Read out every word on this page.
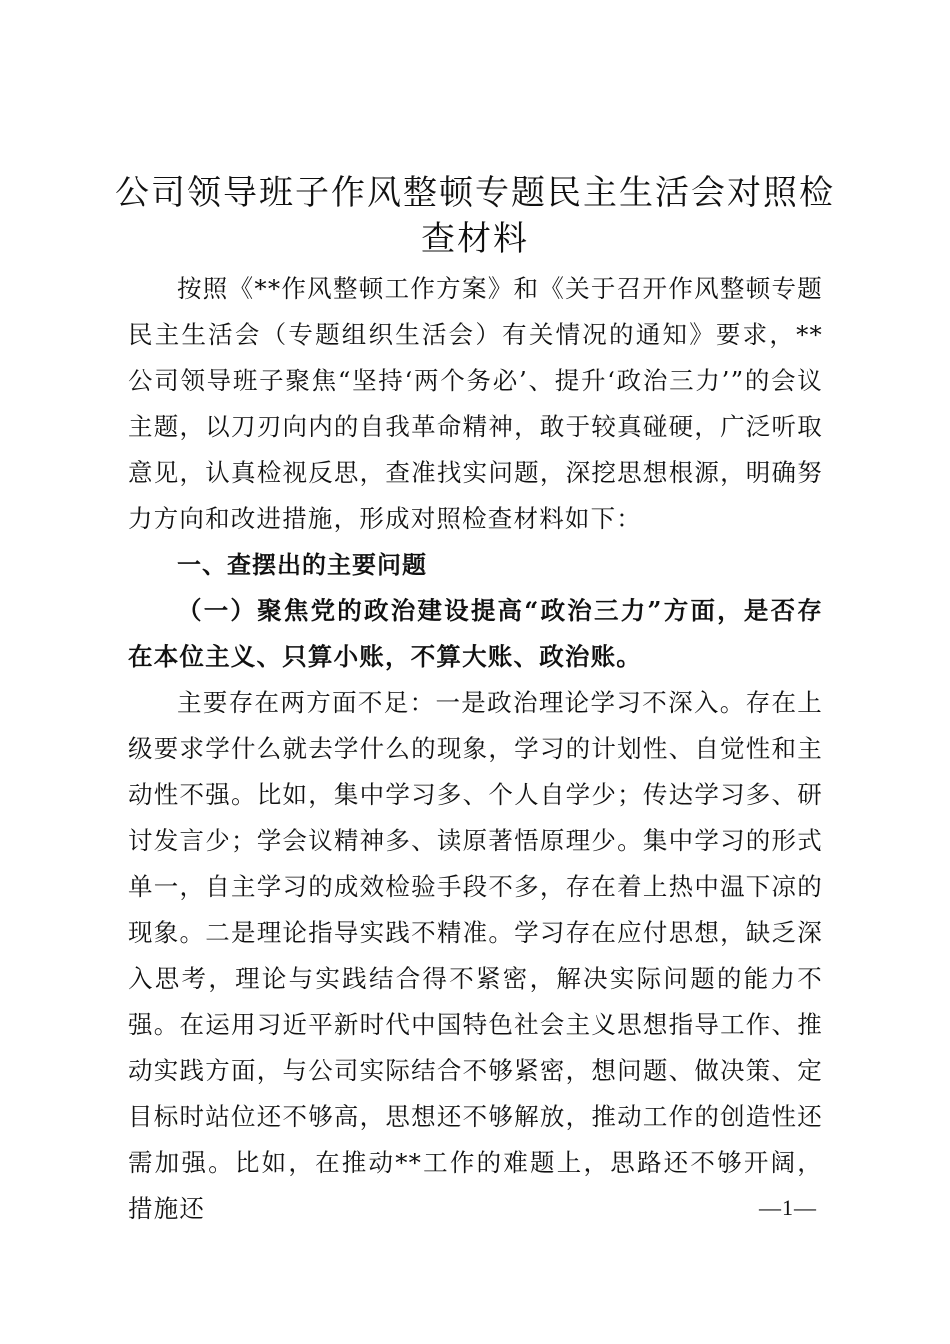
公司领导班子作风整顿专题民主生活会对照检查材料

按照《**作风整顿工作方案》和《关于召开作风整顿专题民主生活会（专题组织生活会）有关情况的通知》要求，**公司领导班子聚焦“坚持‘两个务必’、提升‘政治三力’”的会议主题，以刀刃向内的自我革命精神，敢于较真碰硬，广泛听取意见，认真检视反思，查准找实问题，深挖思想根源，明确努力方向和改进措施，形成对照检查材料如下：

一、查摆出的主要问题
（一）聚焦党的政治建设提高“政治三力”方面，是否存在本位主义、只算小账，不算大账、政治账。

主要存在两方面不足：一是政治理论学习不深入。存在上级要求学什么就去学什么的现象，学习的计划性、自觉性和主动性不强。比如，集中学习多、个人自学少；传达学习多、研讨发言少；学会议精神多、读原著悟原理少。集中学习的形式单一，自主学习的成效检验手段不多，存在着上热中温下凉的现象。二是理论指导实践不精准。学习存在应付思想，缺乏深入思考，理论与实践结合得不紧密，解决实际问题的能力不强。在运用习近平新时代中国特色社会主义思想指导工作、推动实践方面，与公司实际结合不够紧密，想问题、做决策、定目标时站位还不够高，思想还不够解放，推动工作的创造性还需加强。比如，在推动**工作的难题上，思路还不够开阔，措施还	—1—
